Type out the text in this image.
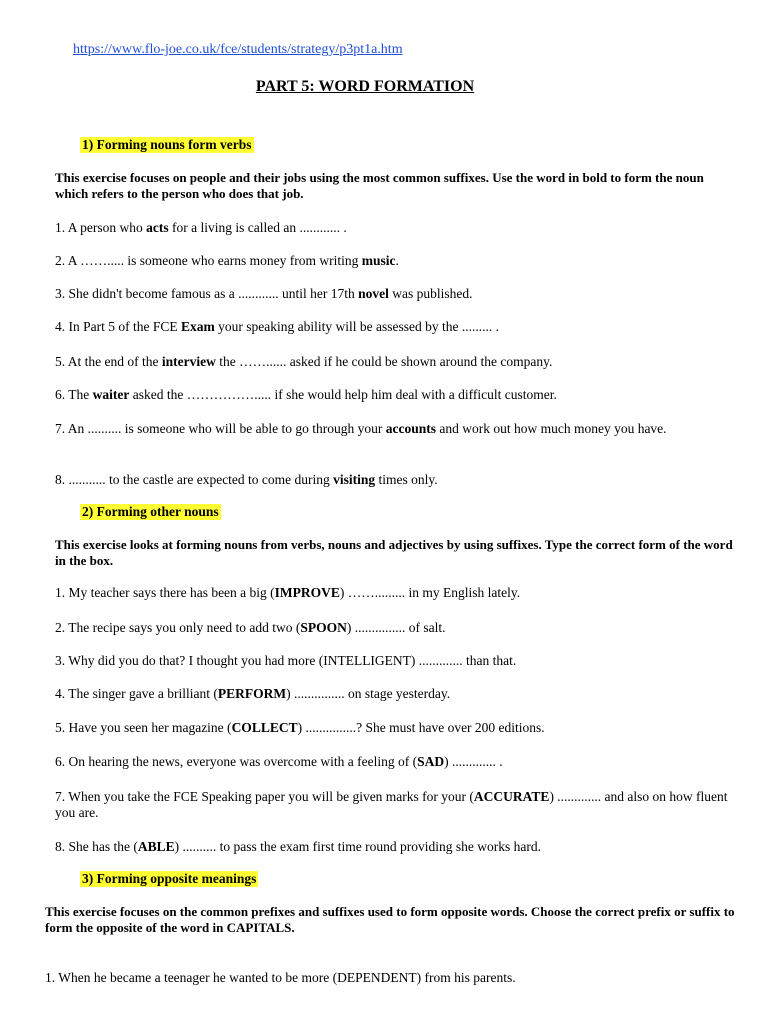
https://www.flo-joe.co.uk/fce/students/strategy/p3pt1a.htm
PART 5: WORD FORMATION
1) Forming nouns form verbs
This exercise focuses on people and their jobs using the most common suffixes. Use the word in bold to form the noun which refers to the person who does that job.
1. A person who acts for a living is called an ............ .
2. A ……..... is someone who earns money from writing music.
3. She didn't become famous as a ............ until her 17th novel was published.
4. In Part 5 of the FCE Exam your speaking ability will be assessed by the ......... .
5. At the end of the interview the ……...... asked if he could be shown around the company.
6. The waiter asked the ……………..... if she would help him deal with a difficult customer.
7. An .......... is someone who will be able to go through your accounts and work out how much money you have.
8. ........... to the castle are expected to come during visiting times only.
2) Forming other nouns
This exercise looks at forming nouns from verbs, nouns and adjectives by using suffixes. Type the correct form of the word in the box.
1. My teacher says there has been a big (IMPROVE) ……......... in my English lately.
2. The recipe says you only need to add two (SPOON) ............... of salt.
3. Why did you do that? I thought you had more (INTELLIGENT) ............. than that.
4. The singer gave a brilliant (PERFORM) ............... on stage yesterday.
5. Have you seen her magazine (COLLECT) ...............? She must have over 200 editions.
6. On hearing the news, everyone was overcome with a feeling of (SAD) ............. .
7. When you take the FCE Speaking paper you will be given marks for your (ACCURATE) ............. and also on how fluent you are.
8. She has the (ABLE) .......... to pass the exam first time round providing she works hard.
3) Forming opposite meanings
This exercise focuses on the common prefixes and suffixes used to form opposite words. Choose the correct prefix or suffix to form the opposite of the word in CAPITALS.
1. When he became a teenager he wanted to be more (DEPENDENT) from his parents.
